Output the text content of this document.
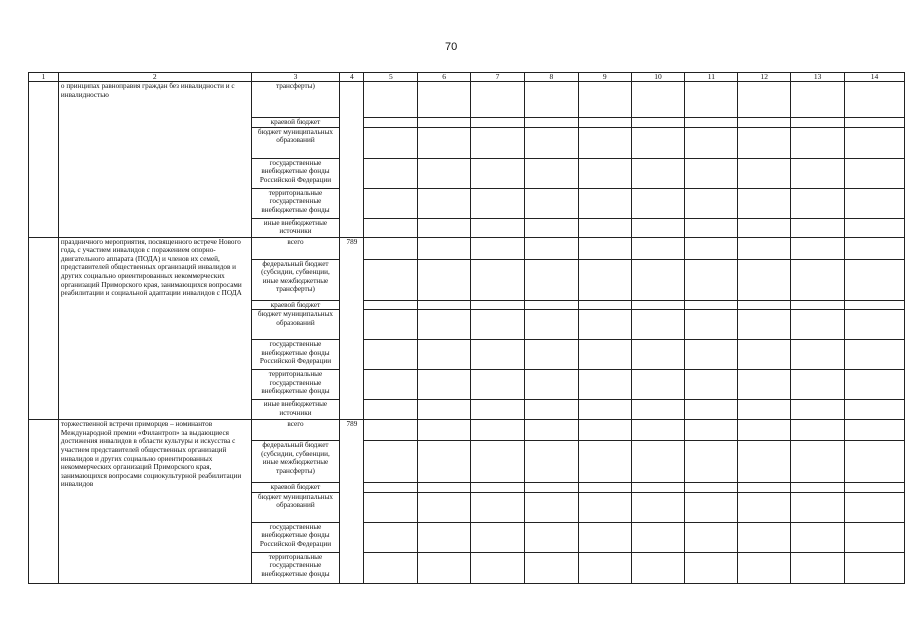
70
1	2	3	4	5	6	7	8	9	10	11	12	13	14
	о принципах равноправия граждан без инвалидности и с инвалидностью	трансферты)											
		краевой бюджет											
		бюджет муниципальных образований											
		государственные внебюджетные фонды Российской Федерации											
		территориальные государственные внебюджетные фонды											
		иные внебюджетные источники											
	праздничного мероприятия, посвященного встрече Нового года, с участием инвалидов с поражением опорно-двигательного аппарата (ПОДА) и членов их семей, представителей общественных организаций инвалидов и других социально ориентированных некоммерческих организаций Приморского края, занимающихся вопросами реабилитации и социальной адаптации инвалидов с ПОДА	всего	789										
		федеральный бюджет (субсидии, субвенции, иные межбюджетные трансферты)											
		краевой бюджет											
		бюджет муниципальных образований											
		государственные внебюджетные фонды Российской Федерации											
		территориальные государственные внебюджетные фонды											
		иные внебюджетные источники											
	торжественной встречи приморцев – номинантов Международной премии «Филантроп» за выдающиеся достижения инвалидов в области культуры и искусства с участием представителей общественных организаций инвалидов и других социально ориентированных некоммерческих организаций Приморского края, занимающихся вопросами социокультурной реабилитации инвалидов	всего	789										
		федеральный бюджет (субсидии, субвенции, иные межбюджетные трансферты)											
		краевой бюджет											
		бюджет муниципальных образований											
		государственные внебюджетные фонды Российской Федерации											
		территориальные государственные внебюджетные фонды											
